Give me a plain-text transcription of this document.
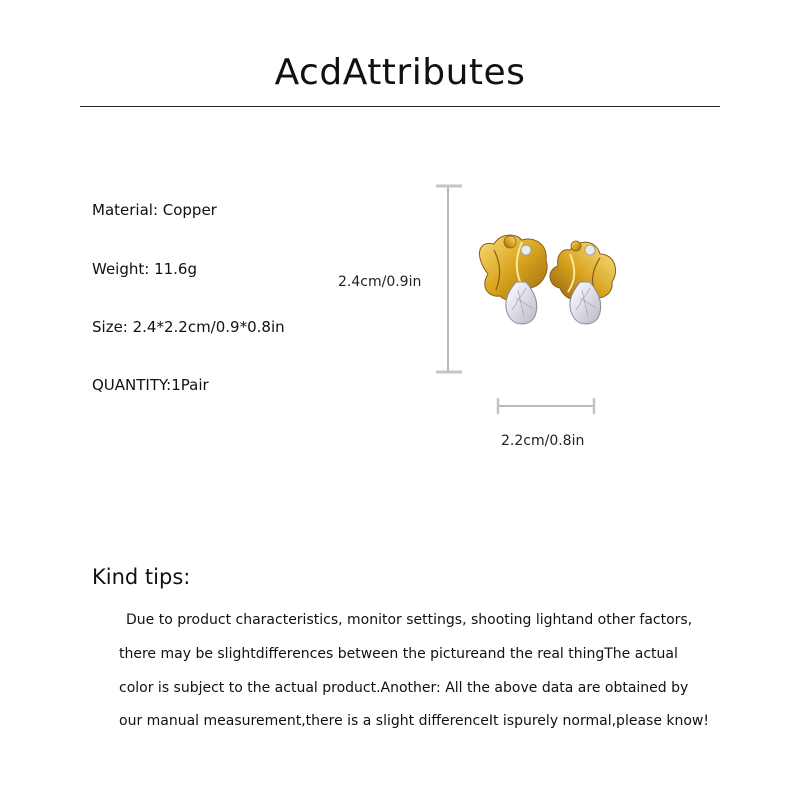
AcdAttributes
Material: Copper
Weight: 11.6g
Size: 2.4*2.2cm/0.9*0.8in
QUANTITY:1Pair
2.4cm/0.9in
2.2cm/0.8in
Kind tips:
Due to product characteristics, monitor settings, shooting lightand other factors,
there may be slightdifferences between the pictureand the real thingThe actual
color is subject to the actual product.Another: All the above data are obtained by
our manual measurement,there is a slight differenceIt ispurely normal,please know!
